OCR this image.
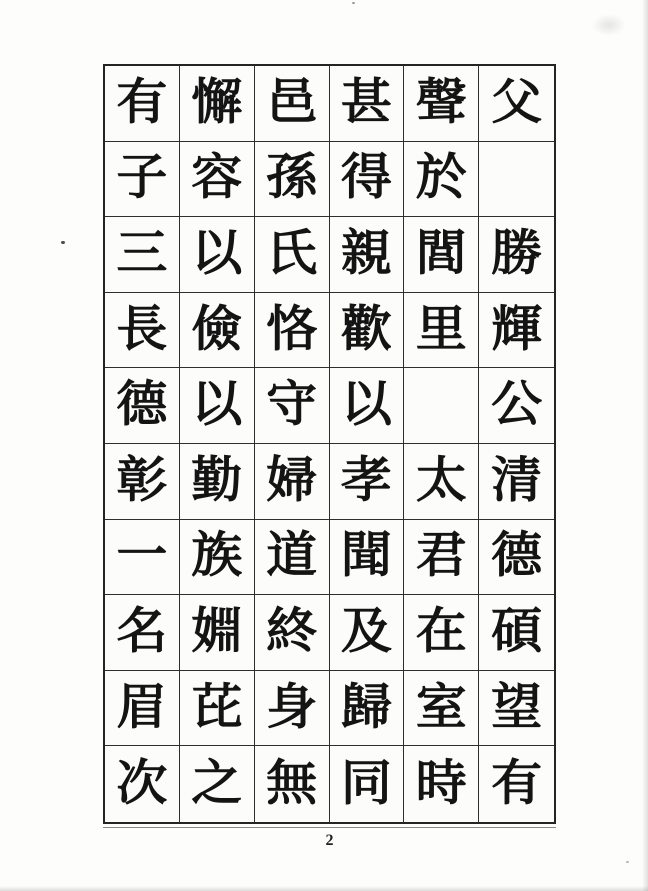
有 懈 邑 甚 聲 父
子 容 孫 得 於
三 以 氏 親 閭 勝
長 儉 恪 歡 里 輝
德 以 守 以 公
彰 勤 婦 孝 太 清
一 族 道 聞 君 德
名 婣 終 及 在 碩
眉 芘 身 歸 室 望
次 之 無 同 時 有
2
